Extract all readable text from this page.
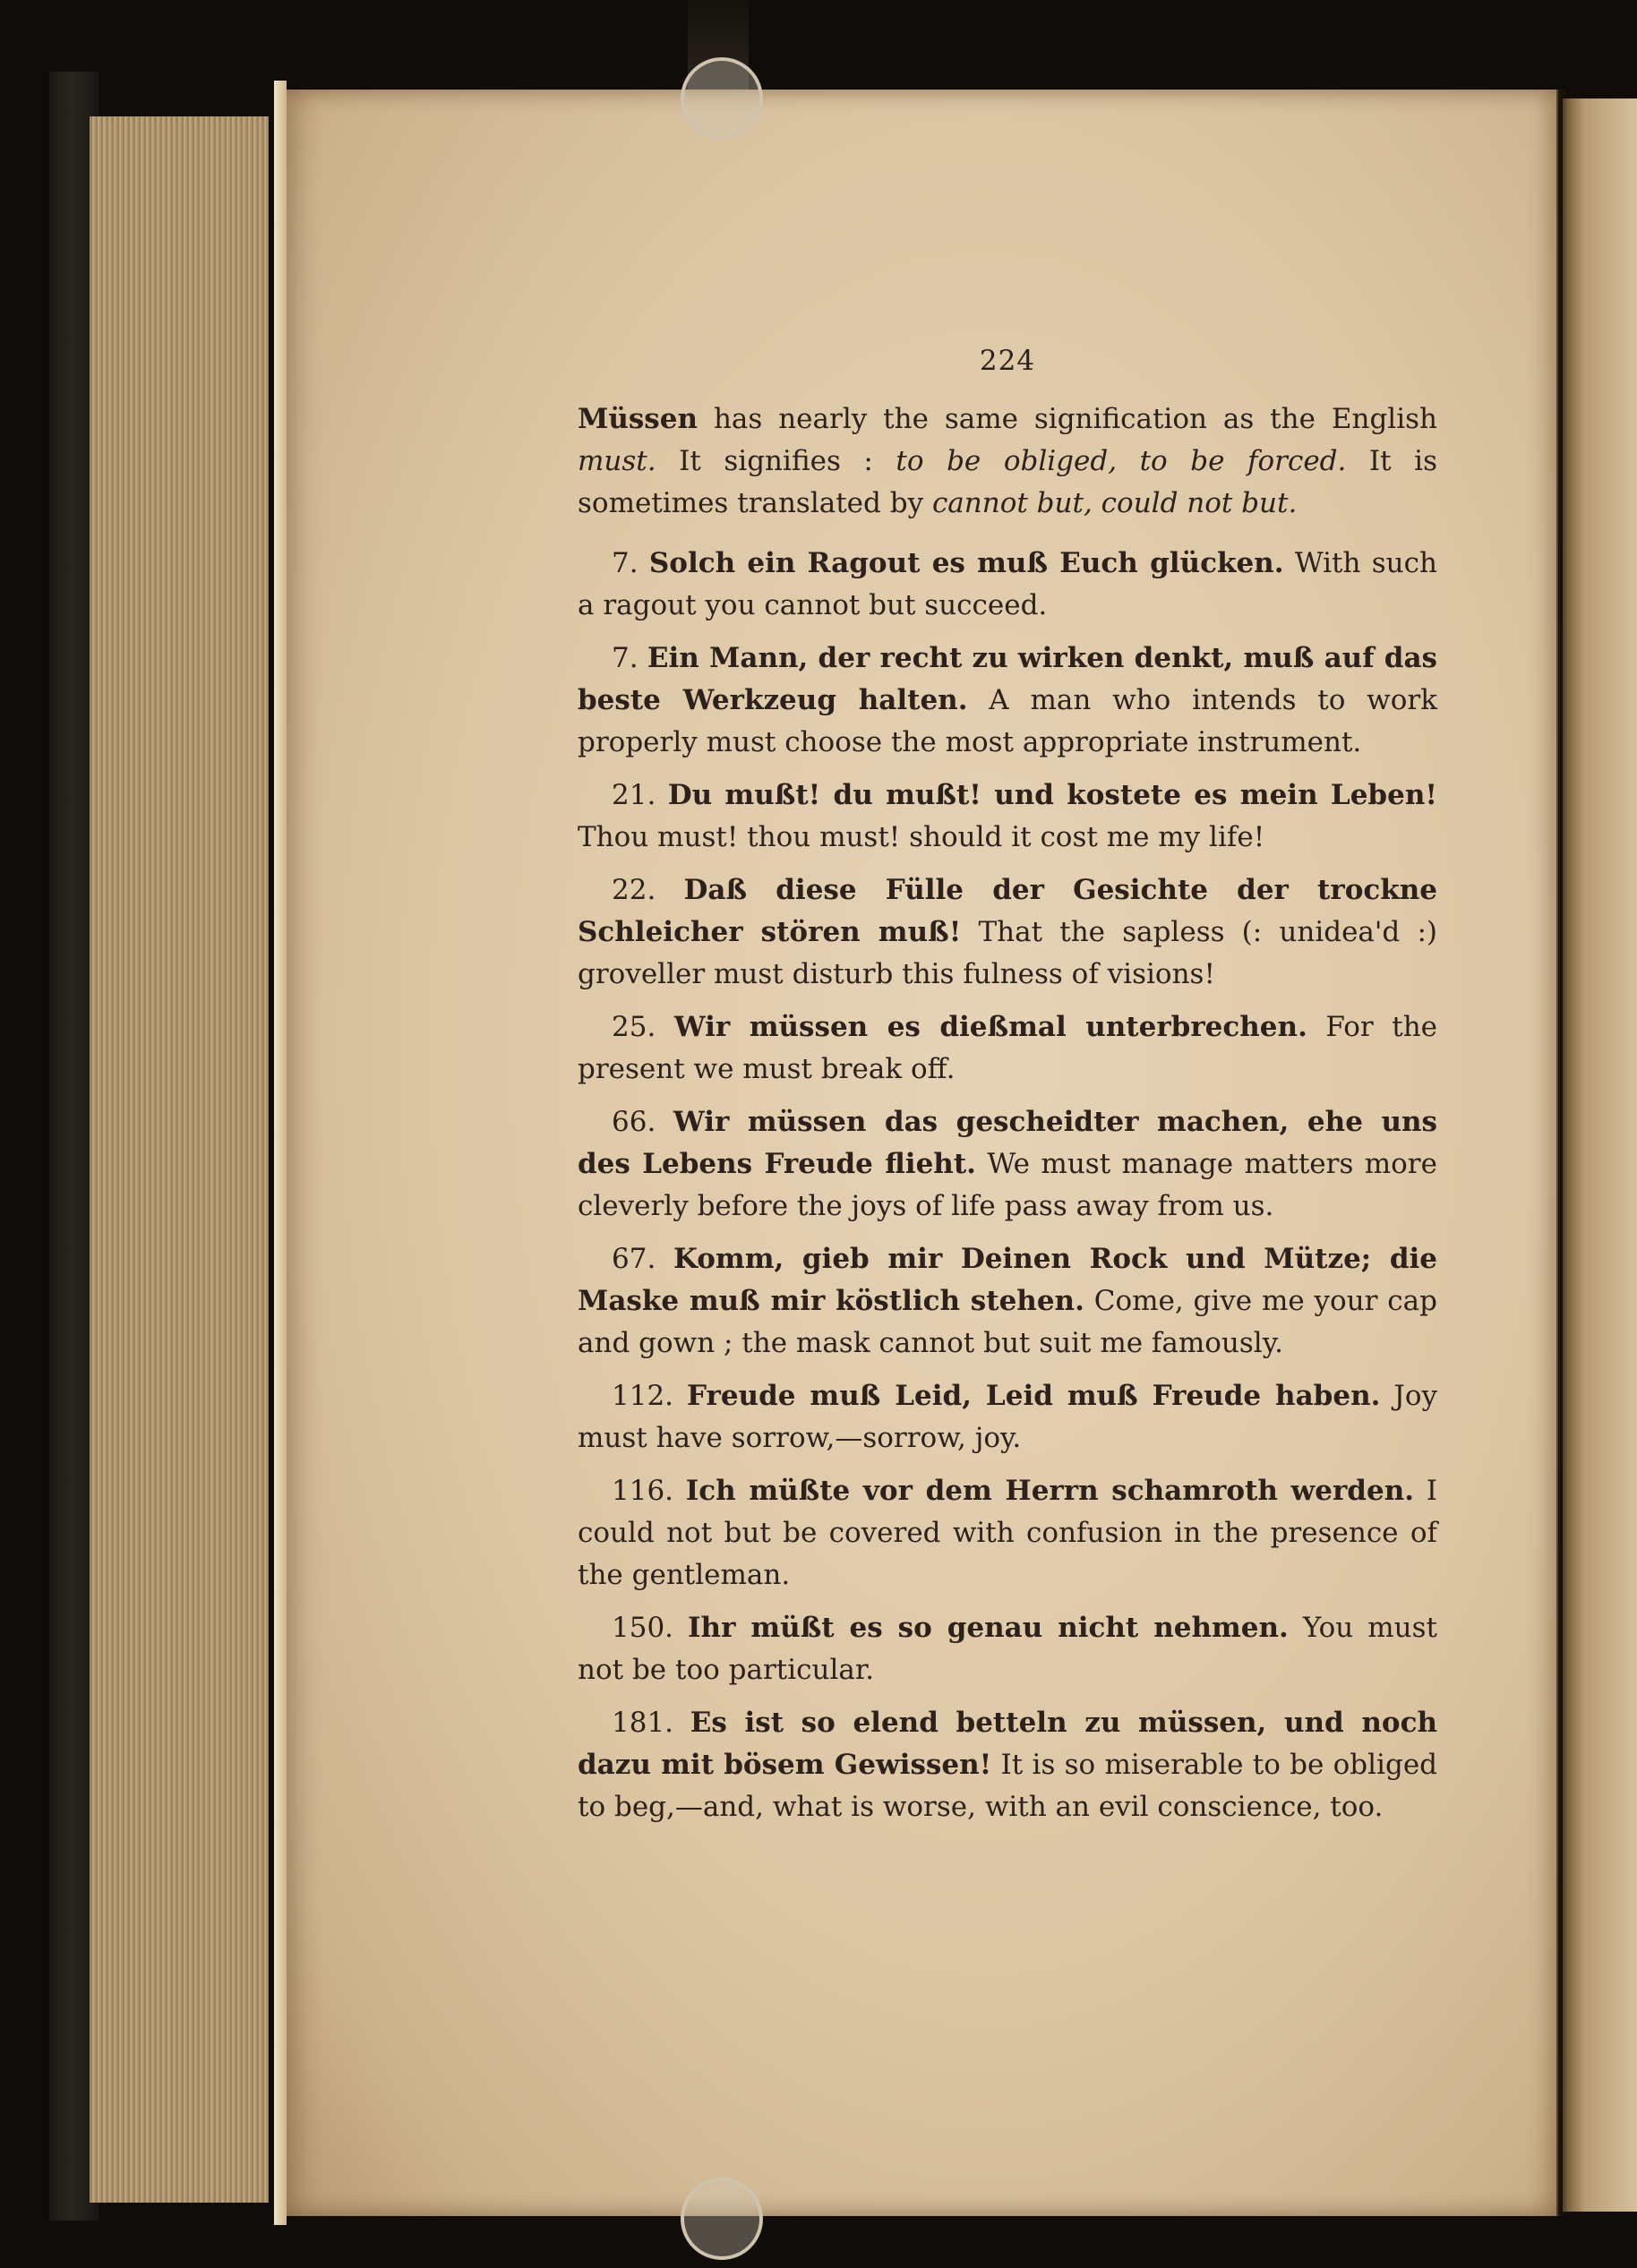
224

Müssen has nearly the same signification as the English must. It signifies : to be obliged, to be forced. It is sometimes translated by cannot but, could not but.

7. Solch ein Ragout es muß Euch glücken. With such a ragout you cannot but succeed.

7. Ein Mann, der recht zu wirken denkt, muß auf das beste Werkzeug halten. A man who intends to work properly must choose the most appropriate instrument.

21. Du mußt! du mußt! und kostete es mein Leben! Thou must! thou must! should it cost me my life!

22. Daß diese Fülle der Gesichte der trockne Schleicher stören muß! That the sapless (: unidea'd :) groveller must disturb this fulness of visions!

25. Wir müssen es dießmal unterbrechen. For the present we must break off.

66. Wir müssen das gescheidter machen, ehe uns des Lebens Freude flieht. We must manage matters more cleverly before the joys of life pass away from us.

67. Komm, gieb mir Deinen Rock und Mütze; die Maske muß mir köstlich stehen. Come, give me your cap and gown ; the mask cannot but suit me famously.

112. Freude muß Leid, Leid muß Freude haben. Joy must have sorrow,—sorrow, joy.

116. Ich müßte vor dem Herrn schamroth werden. I could not but be covered with confusion in the presence of the gentleman.

150. Ihr müßt es so genau nicht nehmen. You must not be too particular.

181. Es ist so elend betteln zu müssen, und noch dazu mit bösem Gewissen! It is so miserable to be obliged to beg,—and, what is worse, with an evil conscience, too.
